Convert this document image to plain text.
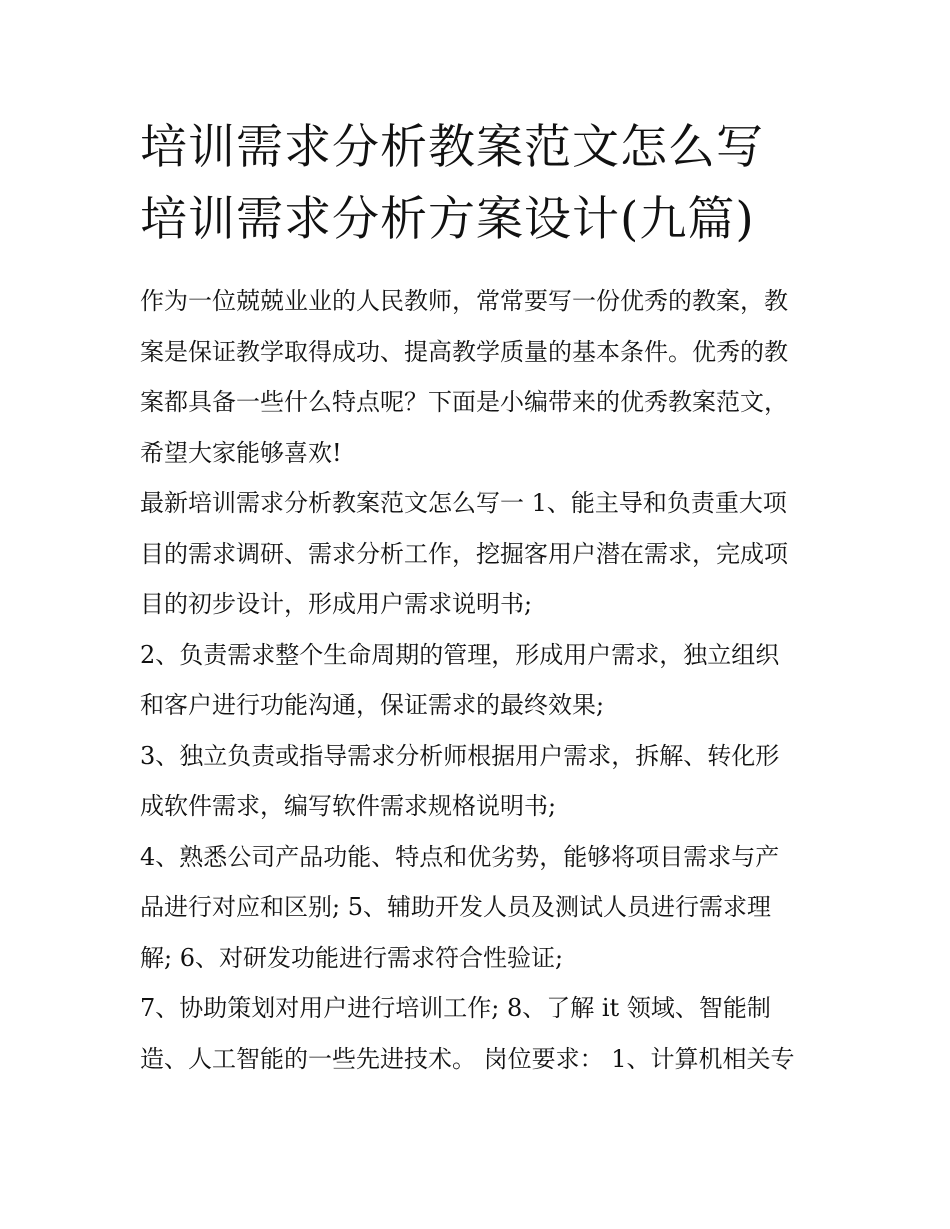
培训需求分析教案范文怎么写
培训需求分析方案设计(九篇)
作为一位兢兢业业的人民教师，常常要写一份优秀的教案，教
案是保证教学取得成功、提高教学质量的基本条件。优秀的教
案都具备一些什么特点呢？下面是小编带来的优秀教案范文，
希望大家能够喜欢!
最新培训需求分析教案范文怎么写一 1、能主导和负责重大项
目的需求调研、需求分析工作，挖掘客用户潜在需求，完成项
目的初步设计，形成用户需求说明书;
2、负责需求整个生命周期的管理，形成用户需求，独立组织
和客户进行功能沟通，保证需求的最终效果;
3、独立负责或指导需求分析师根据用户需求，拆解、转化形
成软件需求，编写软件需求规格说明书;
4、熟悉公司产品功能、特点和优劣势，能够将项目需求与产
品进行对应和区别; 5、辅助开发人员及测试人员进行需求理
解; 6、对研发功能进行需求符合性验证;
7、协助策划对用户进行培训工作; 8、了解 it 领域、智能制
造、人工智能的一些先进技术。 岗位要求： 1、计算机相关专
